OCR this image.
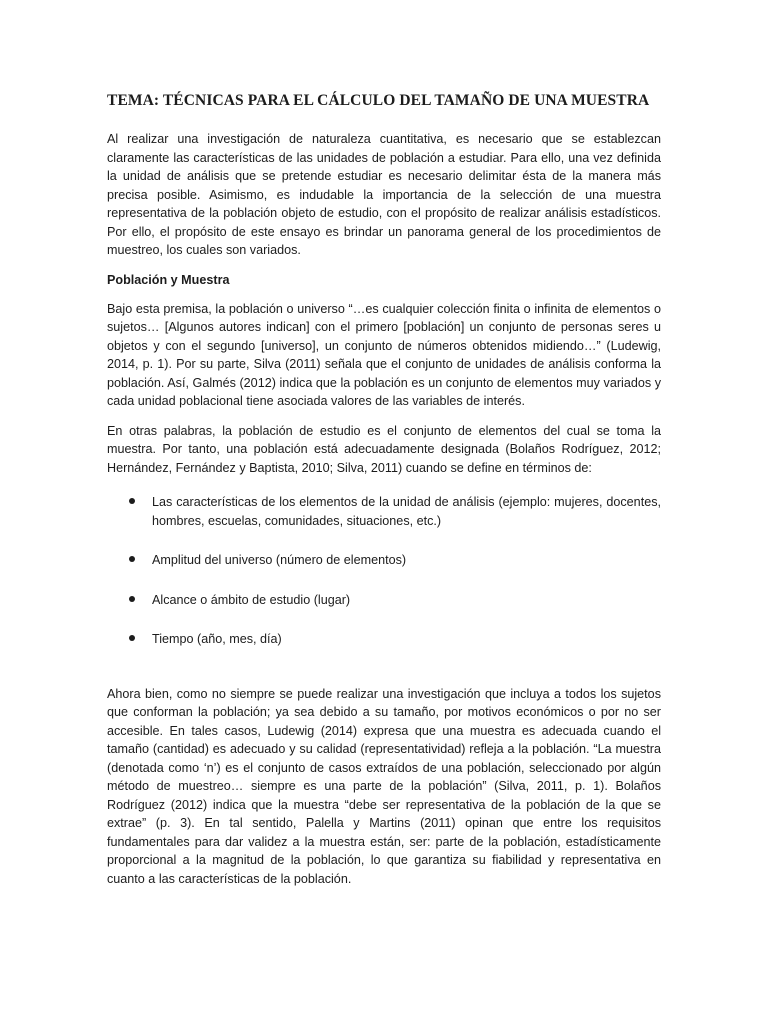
TEMA: TÉCNICAS PARA EL CÁLCULO DEL TAMAÑO DE UNA MUESTRA

Al realizar una investigación de naturaleza cuantitativa, es necesario que se establezcan claramente las características de las unidades de población a estudiar. Para ello, una vez definida la unidad de análisis que se pretende estudiar es necesario delimitar ésta de la manera más precisa posible. Asimismo, es indudable la importancia de la selección de una muestra representativa de la población objeto de estudio, con el propósito de realizar análisis estadísticos. Por ello, el propósito de este ensayo es brindar un panorama general de los procedimientos de muestreo, los cuales son variados.

Población y Muestra

Bajo esta premisa, la población o universo “…es cualquier colección finita o infinita de elementos o sujetos… [Algunos autores indican] con el primero [población] un conjunto de personas seres u objetos y con el segundo [universo], un conjunto de números obtenidos midiendo…” (Ludewig, 2014, p. 1). Por su parte, Silva (2011) señala que el conjunto de unidades de análisis conforma la población. Así, Galmés (2012) indica que la población es un conjunto de elementos muy variados y cada unidad poblacional tiene asociada valores de las variables de interés.

En otras palabras, la población de estudio es el conjunto de elementos del cual se toma la muestra. Por tanto, una población está adecuadamente designada (Bolaños Rodríguez, 2012; Hernández, Fernández y Baptista, 2010; Silva, 2011) cuando se define en términos de:

Las características de los elementos de la unidad de análisis (ejemplo: mujeres, docentes, hombres, escuelas, comunidades, situaciones, etc.)
Amplitud del universo (número de elementos)
Alcance o ámbito de estudio (lugar)
Tiempo (año, mes, día)

Ahora bien, como no siempre se puede realizar una investigación que incluya a todos los sujetos que conforman la población; ya sea debido a su tamaño, por motivos económicos o por no ser accesible. En tales casos, Ludewig (2014) expresa que una muestra es adecuada cuando el tamaño (cantidad) es adecuado y su calidad (representatividad) refleja a la población. “La muestra (denotada como ‘n’) es el conjunto de casos extraídos de una población, seleccionado por algún método de muestreo… siempre es una parte de la población” (Silva, 2011, p. 1). Bolaños Rodríguez (2012) indica que la muestra “debe ser representativa de la población de la que se extrae” (p. 3). En tal sentido, Palella y Martins (2011) opinan que entre los requisitos fundamentales para dar validez a la muestra están, ser: parte de la población, estadísticamente proporcional a la magnitud de la población, lo que garantiza su fiabilidad y representativa en cuanto a las características de la población.
